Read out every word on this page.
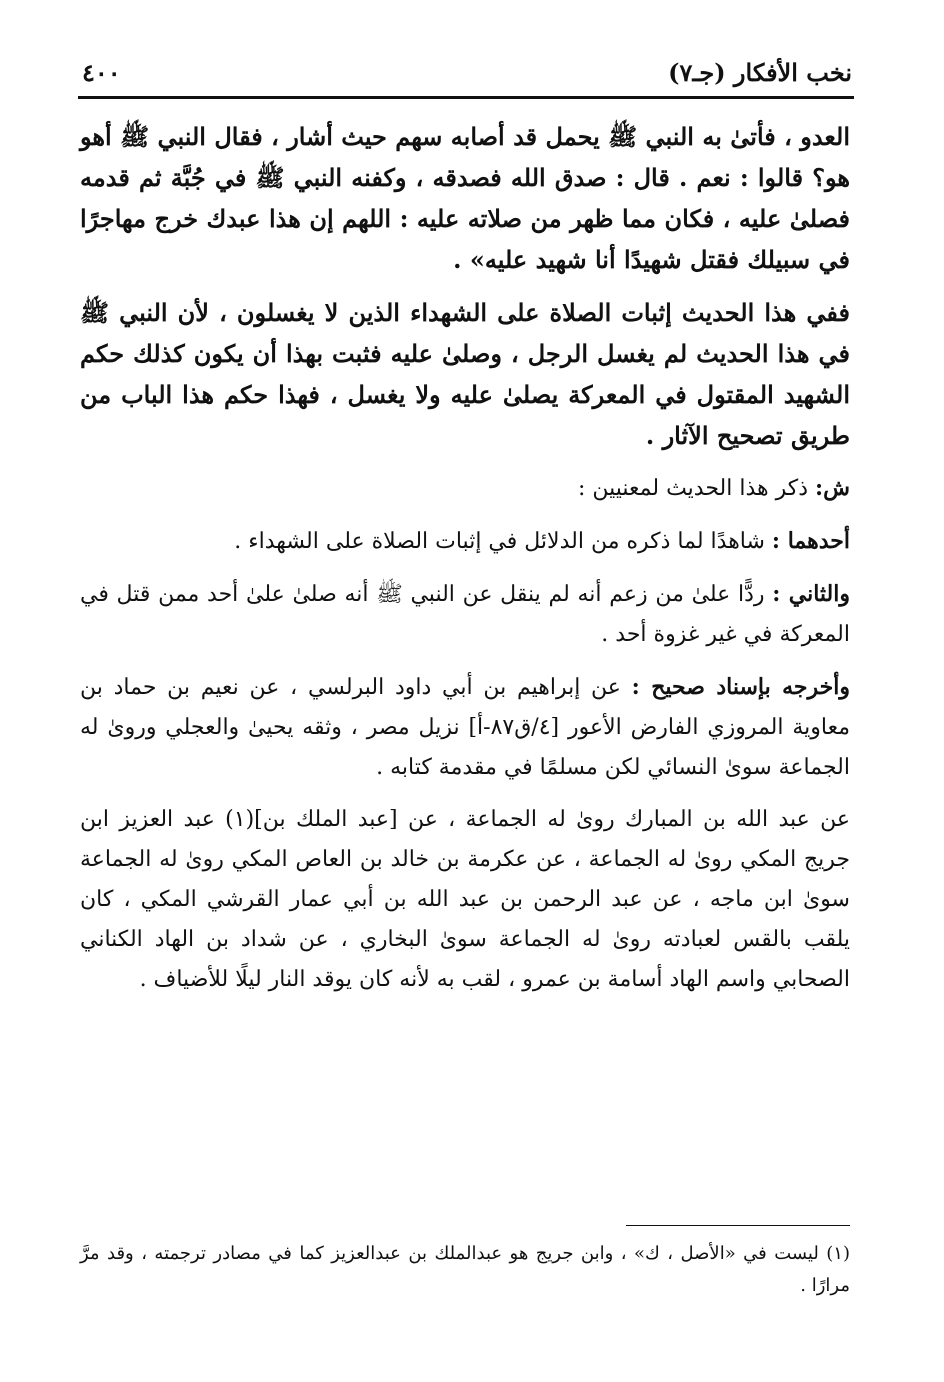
نخب الأفكار (جـ٧)
٤٠٠

العدو ، فأتىٰ به النبي ﷺ يحمل قد أصابه سهم حيث أشار ، فقال النبي ﷺ أهو هو؟ قالوا : نعم . قال : صدق الله فصدقه ، وكفنه النبي ﷺ في جُبَّة ثم قدمه فصلىٰ عليه ، فكان مما ظهر من صلاته عليه : اللهم إن هذا عبدك خرج مهاجرًا في سبيلك فقتل شهيدًا أنا شهيد عليه» .

ففي هذا الحديث إثبات الصلاة على الشهداء الذين لا يغسلون ، لأن النبي ﷺ في هذا الحديث لم يغسل الرجل ، وصلىٰ عليه فثبت بهذا أن يكون كذلك حكم الشهيد المقتول في المعركة يصلىٰ عليه ولا يغسل ، فهذا حكم هذا الباب من طريق تصحيح الآثار .

ش: ذكر هذا الحديث لمعنيين :

أحدهما : شاهدًا لما ذكره من الدلائل في إثبات الصلاة على الشهداء .

والثاني : ردًّا علىٰ من زعم أنه لم ينقل عن النبي ﷺ أنه صلىٰ علىٰ أحد ممن قتل في المعركة في غير غزوة أحد .

وأخرجه بإسناد صحيح : عن إبراهيم بن أبي داود البرلسي ، عن نعيم بن حماد بن معاوية المروزي الفارض الأعور [٤/ق٨٧-أ] نزيل مصر ، وثقه يحيىٰ والعجلي وروىٰ له الجماعة سوىٰ النسائي لكن مسلمًا في مقدمة كتابه .

عن عبد الله بن المبارك روىٰ له الجماعة ، عن [عبد الملك بن](١) عبد العزيز ابن جريج المكي روىٰ له الجماعة ، عن عكرمة بن خالد بن العاص المكي روىٰ له الجماعة سوىٰ ابن ماجه ، عن عبد الرحمن بن عبد الله بن أبي عمار القرشي المكي ، كان يلقب بالقس لعبادته روىٰ له الجماعة سوىٰ البخاري ، عن شداد بن الهاد الكناني الصحابي واسم الهاد أسامة بن عمرو ، لقب به لأنه كان يوقد النار ليلًا للأضياف .

(١) ليست في «الأصل ، ك» ، وابن جريج هو عبدالملك بن عبدالعزيز كما في مصادر ترجمته ، وقد مرَّ مرارًا .
